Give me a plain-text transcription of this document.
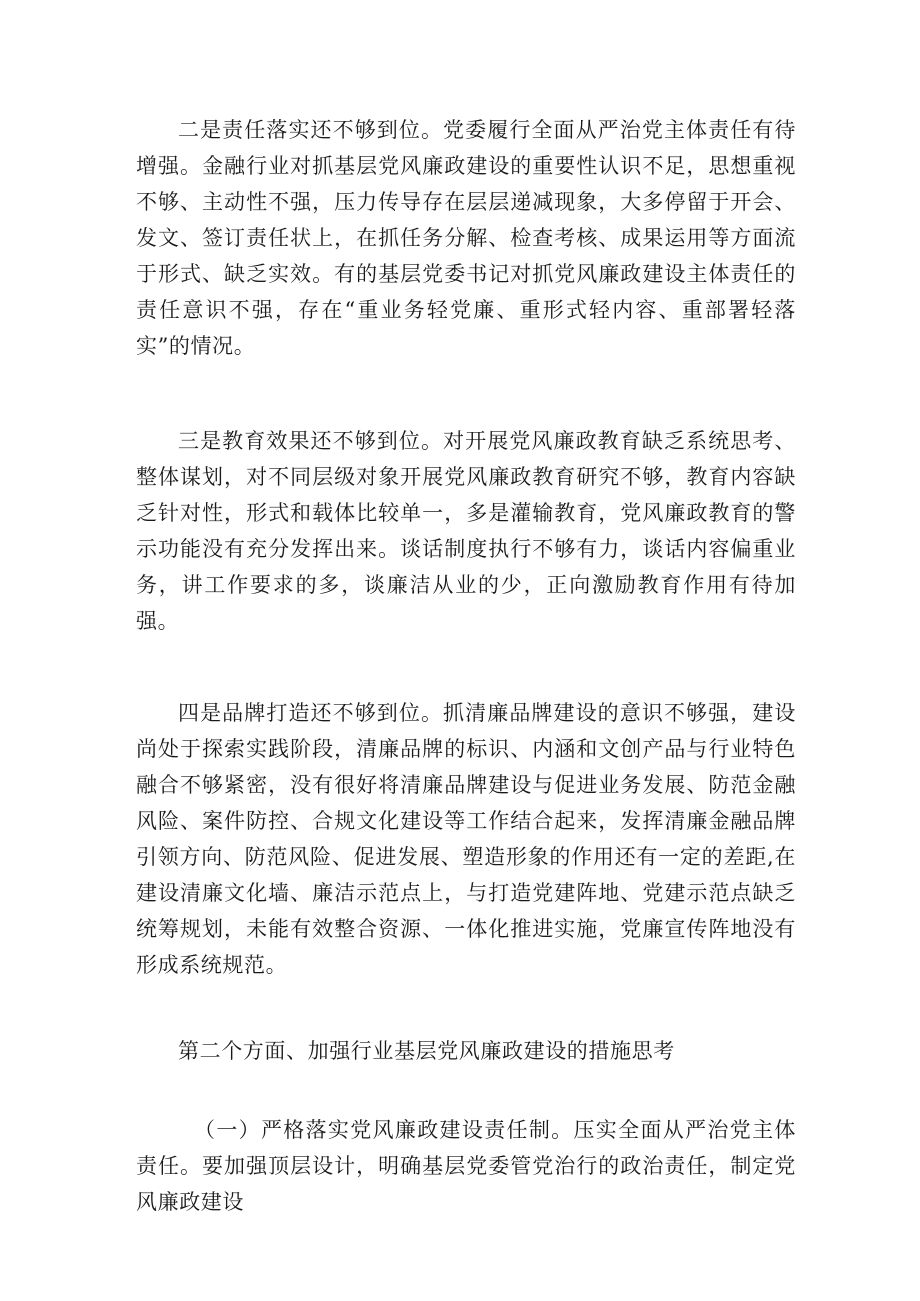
二是责任落实还不够到位。党委履行全面从严治党主体责任有待增强。金融行业对抓基层党风廉政建设的重要性认识不足，思想重视不够、主动性不强，压力传导存在层层递减现象，大多停留于开会、发文、签订责任状上，在抓任务分解、检查考核、成果运用等方面流于形式、缺乏实效。有的基层党委书记对抓党风廉政建设主体责任的责任意识不强，存在“重业务轻党廉、重形式轻内容、重部署轻落实”的情况。

三是教育效果还不够到位。对开展党风廉政教育缺乏系统思考、整体谋划，对不同层级对象开展党风廉政教育研究不够，教育内容缺乏针对性，形式和载体比较单一，多是灌输教育，党风廉政教育的警示功能没有充分发挥出来。谈话制度执行不够有力，谈话内容偏重业务，讲工作要求的多，谈廉洁从业的少，正向激励教育作用有待加强。

四是品牌打造还不够到位。抓清廉品牌建设的意识不够强，建设尚处于探索实践阶段，清廉品牌的标识、内涵和文创产品与行业特色融合不够紧密，没有很好将清廉品牌建设与促进业务发展、防范金融风险、案件防控、合规文化建设等工作结合起来，发挥清廉金融品牌引领方向、防范风险、促进发展、塑造形象的作用还有一定的差距,在建设清廉文化墙、廉洁示范点上，与打造党建阵地、党建示范点缺乏统筹规划，未能有效整合资源、一体化推进实施，党廉宣传阵地没有形成系统规范。

第二个方面、加强行业基层党风廉政建设的措施思考

（一）严格落实党风廉政建设责任制。压实全面从严治党主体责任。要加强顶层设计，明确基层党委管党治行的政治责任，制定党风廉政建设
